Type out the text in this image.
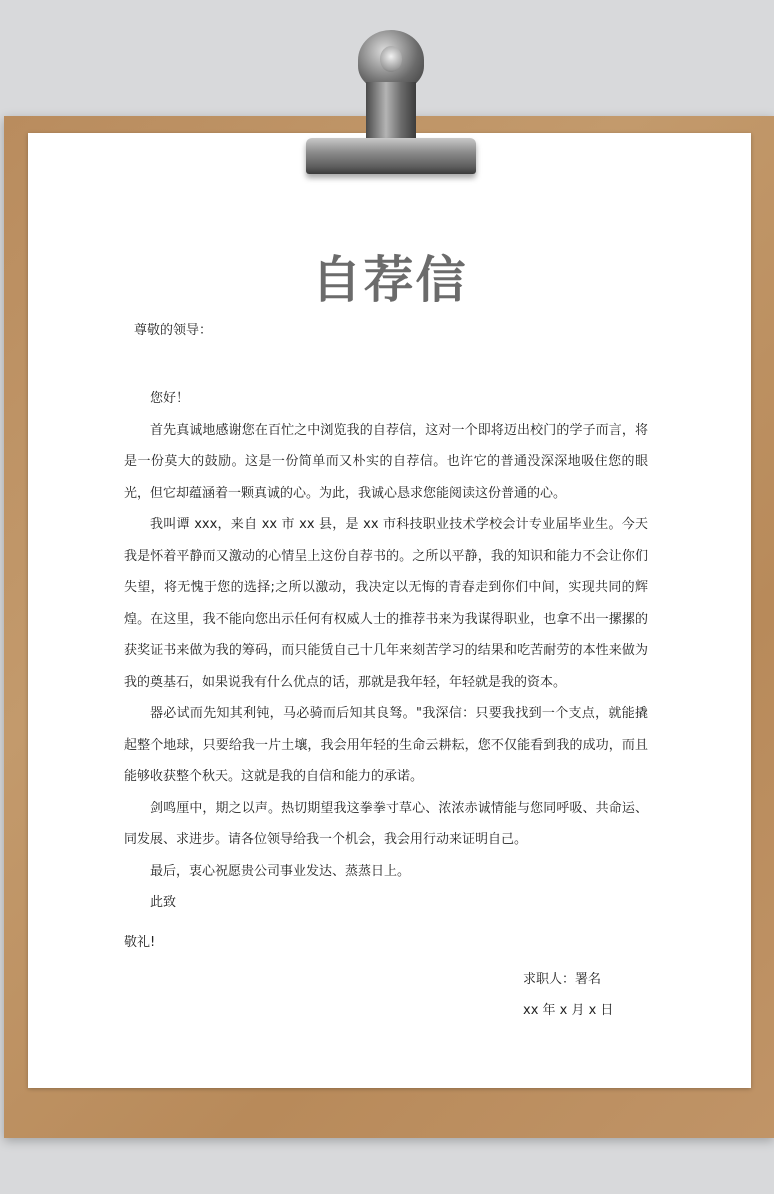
自荐信
尊敬的领导：

您好！

首先真诚地感谢您在百忙之中浏览我的自荐信，这对一个即将迈出校门的学子而言，将是一份莫大的鼓励。这是一份简单而又朴实的自荐信。也许它的普通没深深地吸住您的眼光，但它却蕴涵着一颗真诚的心。为此，我诚心恳求您能阅读这份普通的心。

我叫谭 xxx，来自 xx 市 xx 县，是 xx 市科技职业技术学校会计专业届毕业生。今天我是怀着平静而又激动的心情呈上这份自荐书的。之所以平静，我的知识和能力不会让你们失望，将无愧于您的选择;之所以激动，我决定以无悔的青春走到你们中间，实现共同的辉煌。在这里，我不能向您出示任何有权威人士的推荐书来为我谋得职业，也拿不出一摞摞的获奖证书来做为我的筹码，而只能赁自己十几年来刻苦学习的结果和吃苦耐劳的本性来做为我的奠基石，如果说我有什么优点的话，那就是我年轻，年轻就是我的资本。

器必试而先知其利钝，马必骑而后知其良驽。"我深信：只要我找到一个支点，就能撬起整个地球，只要给我一片土壤，我会用年轻的生命云耕耘，您不仅能看到我的成功，而且能够收获整个秋天。这就是我的自信和能力的承诺。

剑鸣厘中，期之以声。热切期望我这拳拳寸草心、浓浓赤诚情能与您同呼吸、共命运、同发展、求进步。请各位领导给我一个机会，我会用行动来证明自己。

最后，衷心祝愿贵公司事业发达、蒸蒸日上。

此致

敬礼!
求职人：署名
xx 年 x 月 x 日
